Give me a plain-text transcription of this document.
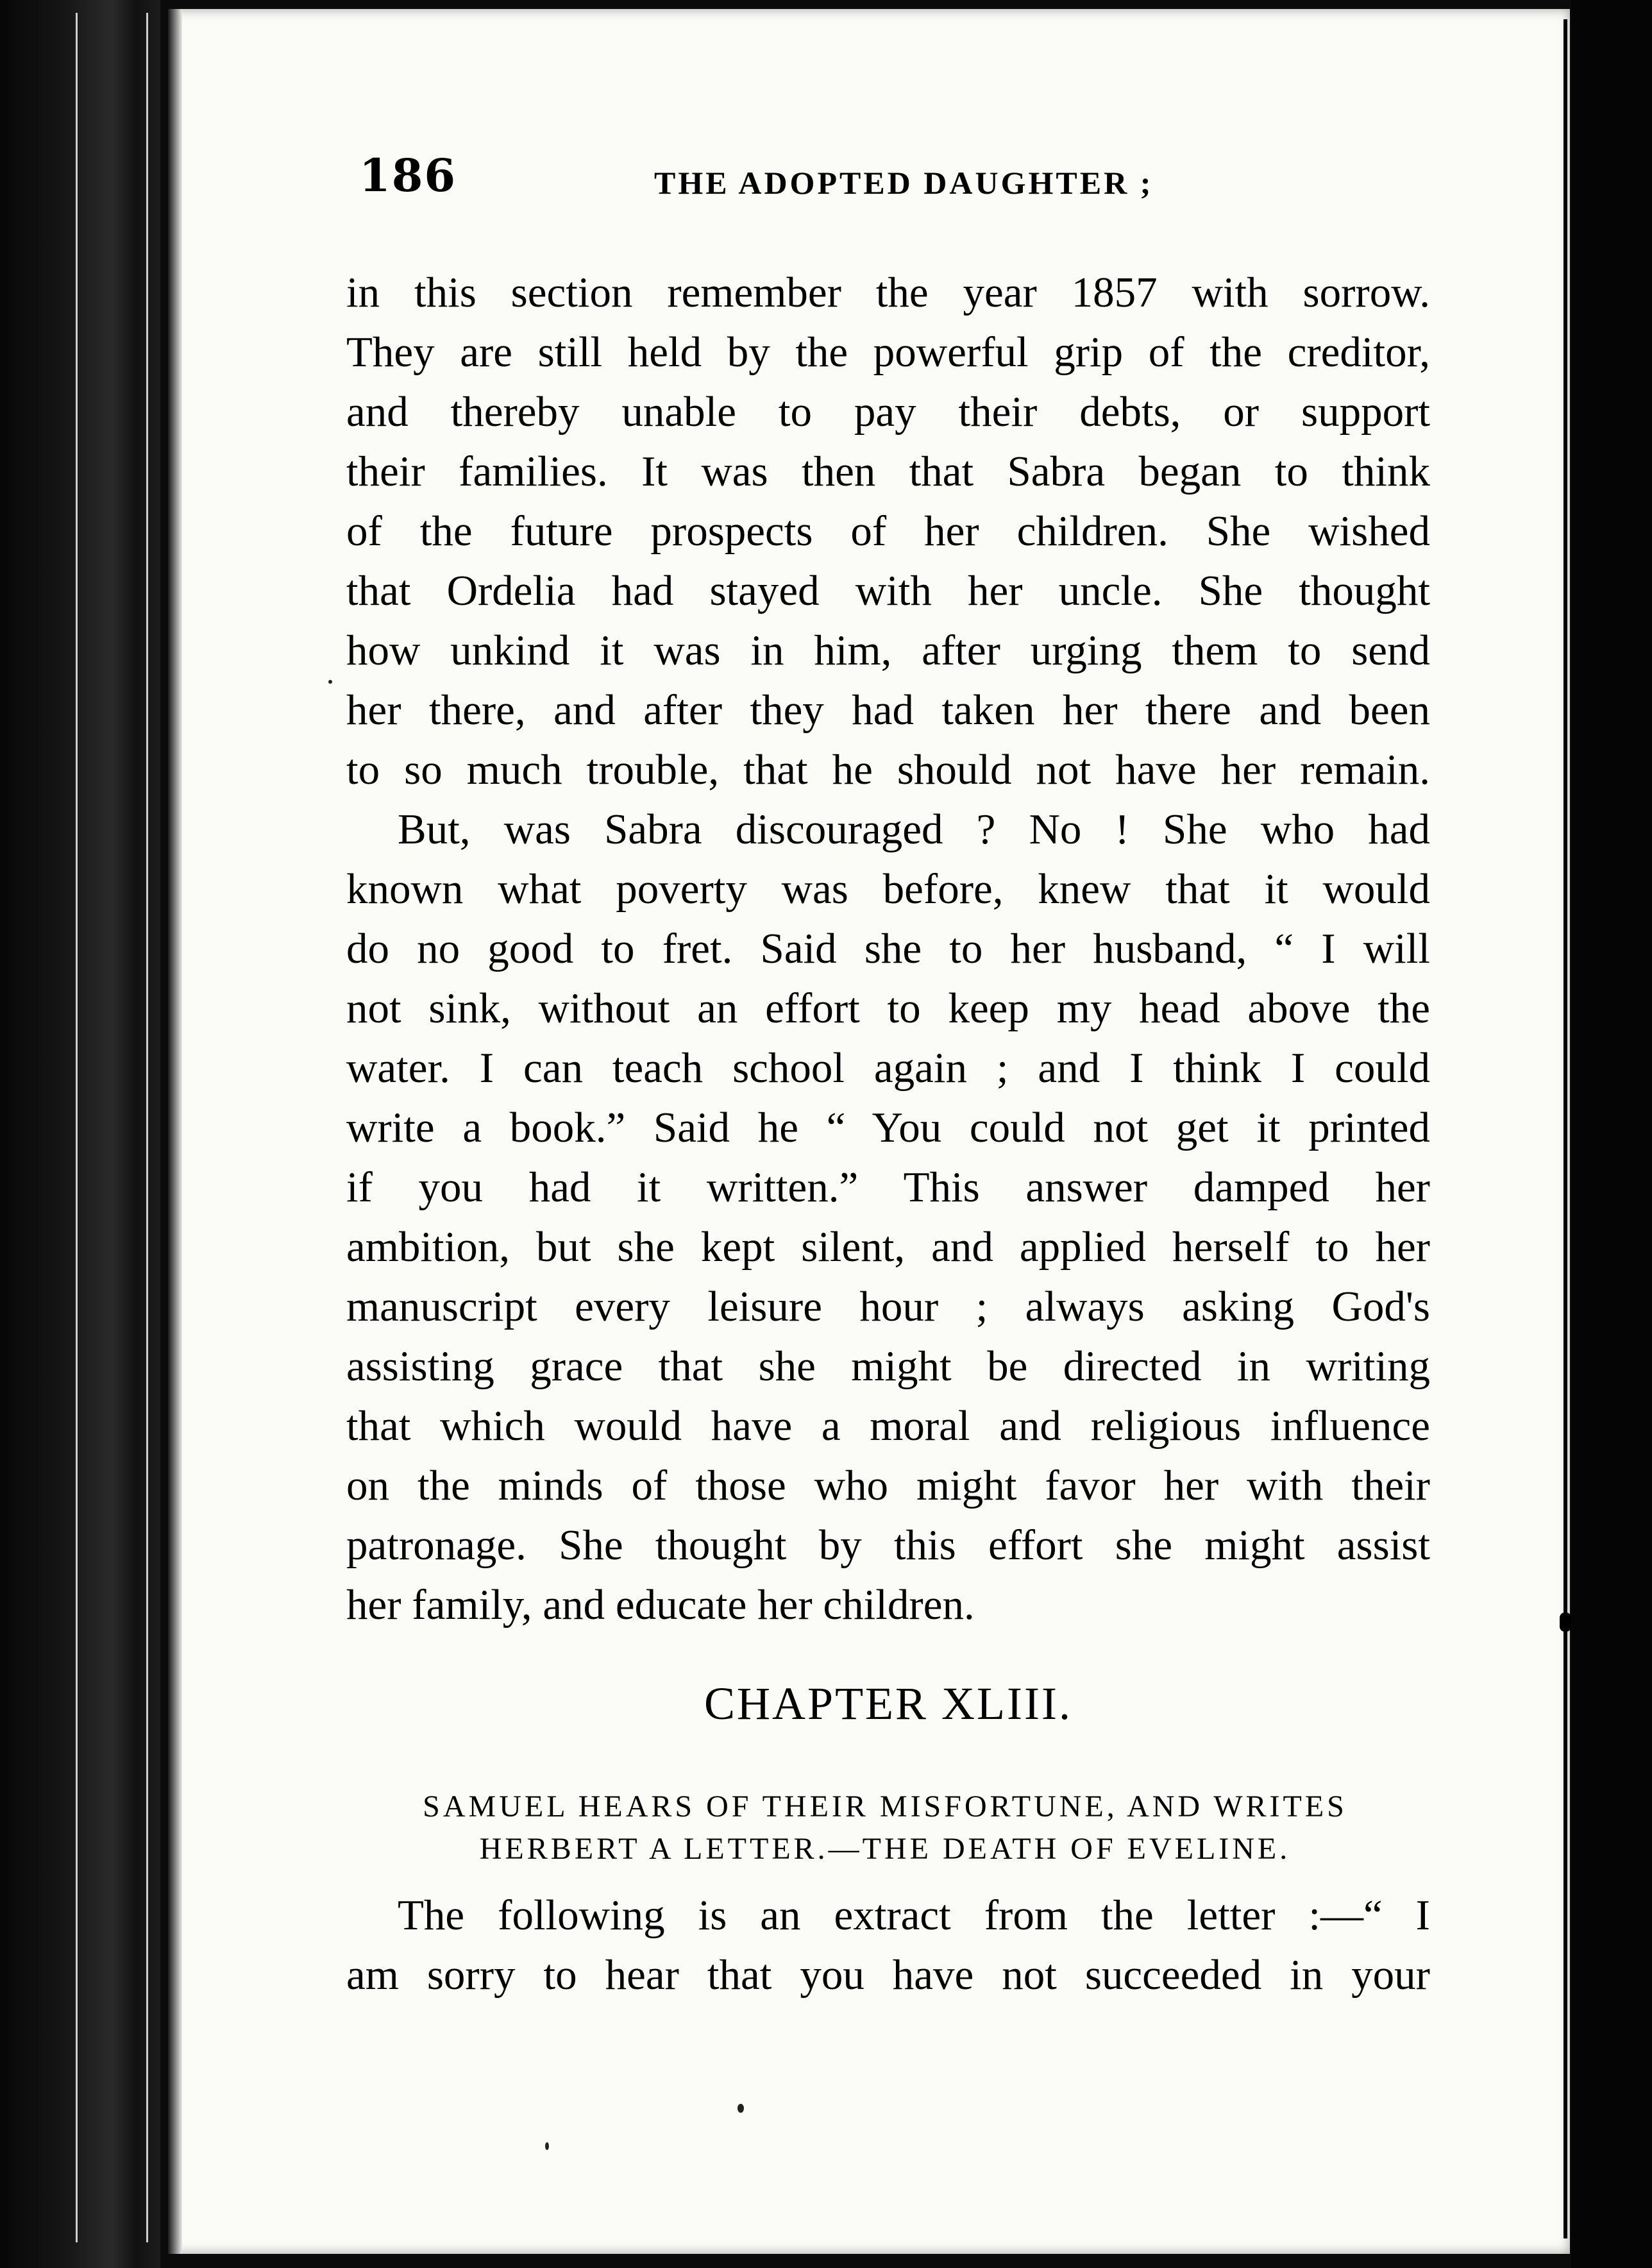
186	THE ADOPTED DAUGHTER ;
in this section remember the year 1857 with sorrow.
They are still held by the powerful grip of the creditor,
and thereby unable to pay their debts, or support
their families. It was then that Sabra began to think
of the future prospects of her children. She wished
that Ordelia had stayed with her uncle. She thought
how unkind it was in him, after urging them to send
her there, and after they had taken her there and been
to so much trouble, that he should not have her remain.
But, was Sabra discouraged ? No ! She who had
known what poverty was before, knew that it would
do no good to fret. Said she to her husband, “ I will
not sink, without an effort to keep my head above the
water. I can teach school again ; and I think I could
write a book.” Said he “ You could not get it printed
if you had it written.” This answer damped her
ambition, but she kept silent, and applied herself to her
manuscript every leisure hour ; always asking God's
assisting grace that she might be directed in writing
that which would have a moral and religious influence
on the minds of those who might favor her with their
patronage. She thought by this effort she might assist
her family, and educate her children.
CHAPTER XLIII.
SAMUEL HEARS OF THEIR MISFORTUNE, AND WRITES
HERBERT A LETTER.—THE DEATH OF EVELINE.
The following is an extract from the letter :—“ I
am sorry to hear that you have not succeeded in your
